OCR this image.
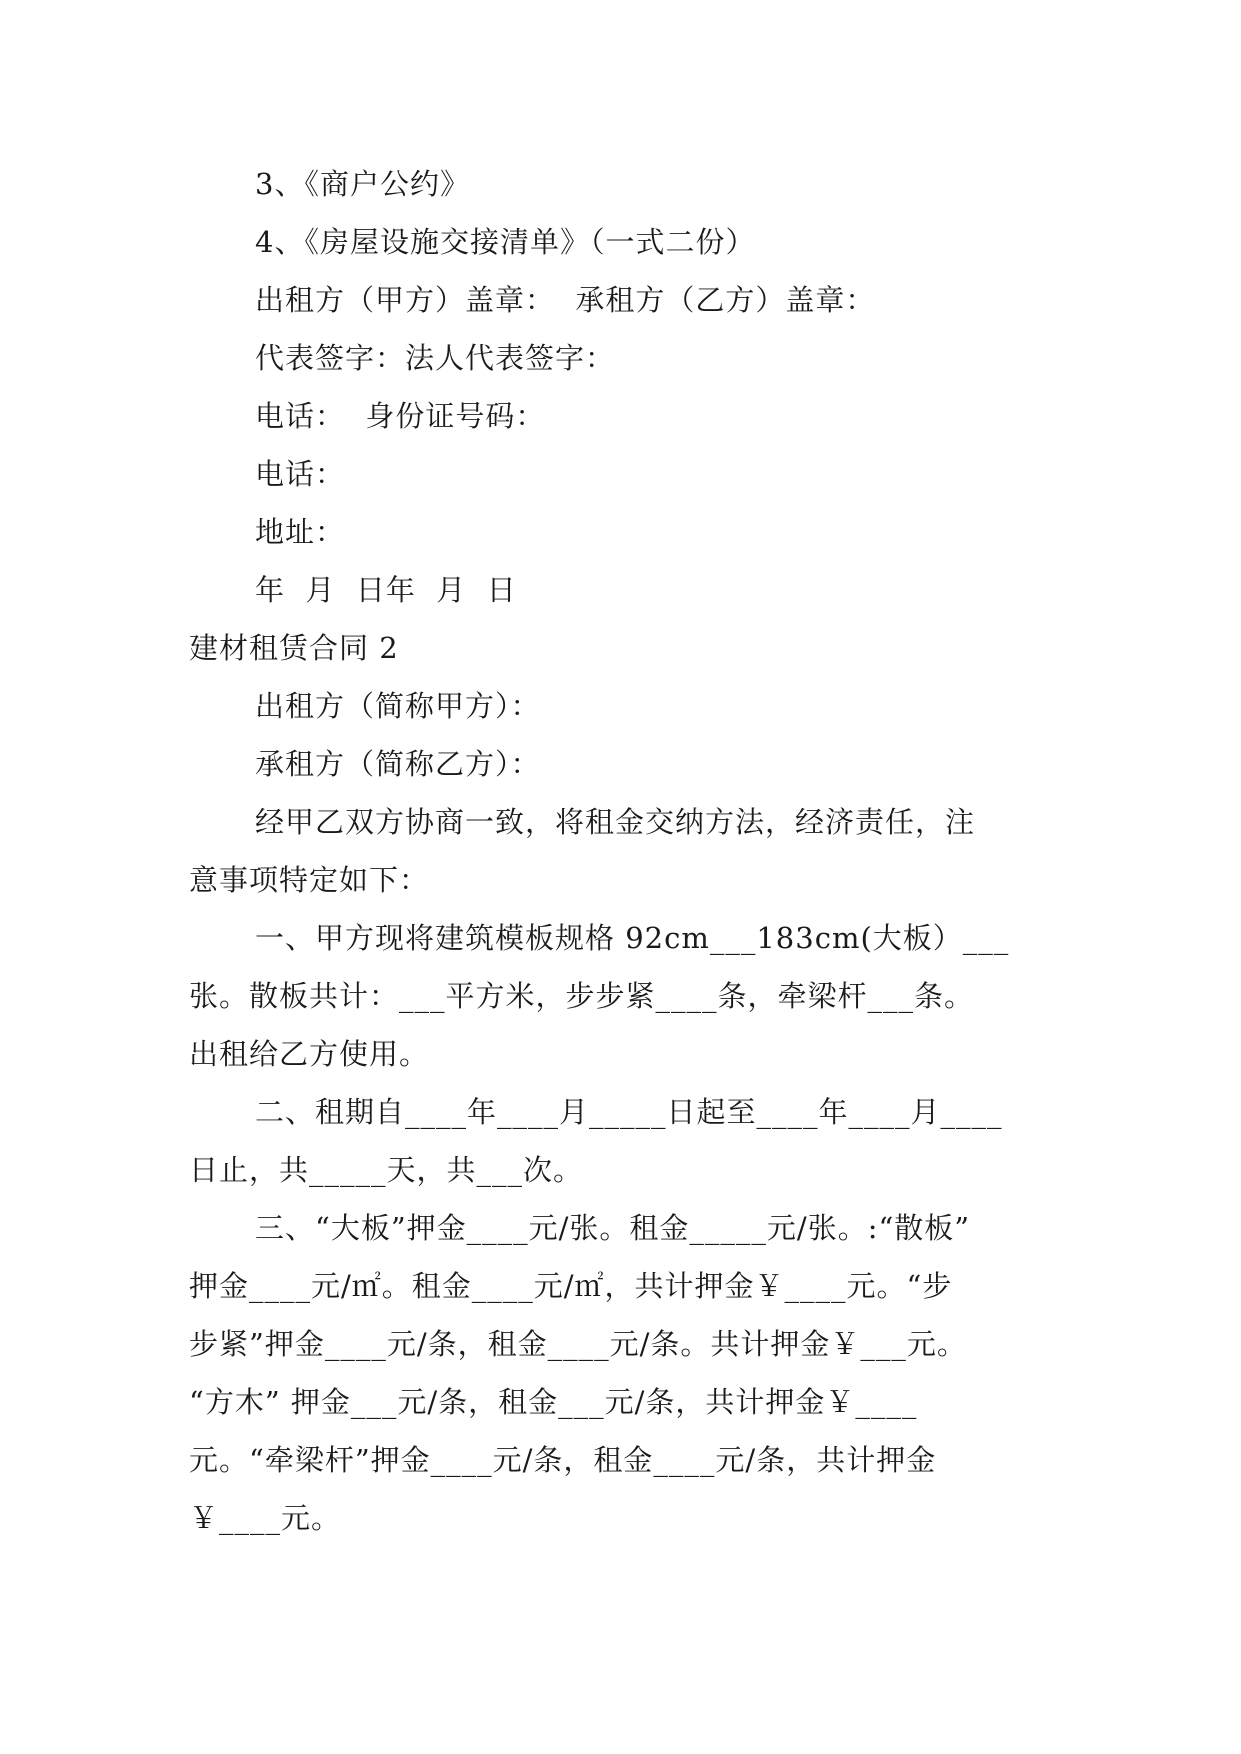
3、《商户公约》

4、《房屋设施交接清单》（一式二份）

出租方（甲方）盖章：  承租方（乙方）盖章：

代表签字：法人代表签字：

电话：  身份证号码：

电话：

地址：

年  月  日年  月  日

建材租赁合同 2

出租方（简称甲方）：

承租方（简称乙方）：

经甲乙双方协商一致，将租金交纳方法，经济责任，注

意事项特定如下：

一、甲方现将建筑模板规格 92cm___183cm(大板）___

张。散板共计：___平方米，步步紧____条，牵梁杆___条。

出租给乙方使用。

二、租期自____年____月_____日起至____年____月____

日止，共_____天，共___次。

三、“大板”押金____元/张。租金_____元/张。:“散板”

押金____元/㎡。租金____元/㎡，共计押金￥____元。“步

步紧”押金____元/条，租金____元/条。共计押金￥___元。

“方木” 押金___元/条，租金___元/条，共计押金￥____

元。“牵梁杆”押金____元/条，租金____元/条，共计押金

￥____元。
